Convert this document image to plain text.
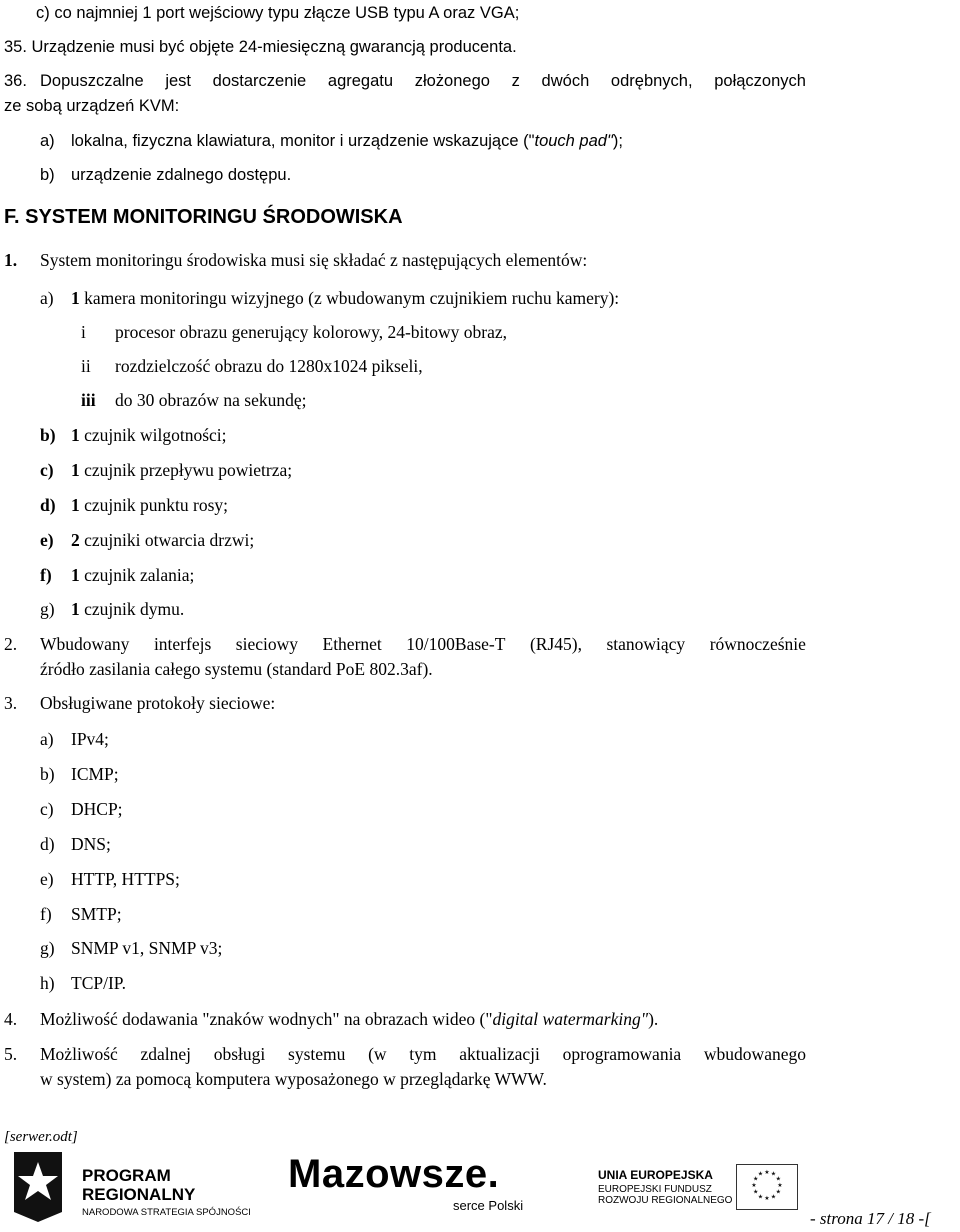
c) co najmniej 1 port wejściowy typu złącze USB typu A oraz VGA;
35. Urządzenie musi być objęte 24-miesięczną gwarancją producenta.
36. Dopuszczalne jest dostarczenie agregatu złożonego z dwóch odrębnych, połączonych
ze sobą urządzeń KVM:
a) lokalna, fizyczna klawiatura, monitor i urządzenie wskazujące ("touch pad");
b) urządzenie zdalnego dostępu.
F. SYSTEM MONITORINGU ŚRODOWISKA
1. System monitoringu środowiska musi się składać z następujących elementów:
a) 1 kamera monitoringu wizyjnego (z wbudowanym czujnikiem ruchu kamery):
i procesor obrazu generujący kolorowy, 24-bitowy obraz,
ii rozdzielczość obrazu do 1280x1024 pikseli,
iii do 30 obrazów na sekundę;
b) 1 czujnik wilgotności;
c) 1 czujnik przepływu powietrza;
d) 1 czujnik punktu rosy;
e) 2 czujniki otwarcia drzwi;
f) 1 czujnik zalania;
g) 1 czujnik dymu.
2. Wbudowany interfejs sieciowy Ethernet 10/100Base-T (RJ45), stanowiący równocześnie
źródło zasilania całego systemu (standard PoE 802.3af).
3. Obsługiwane protokoły sieciowe:
a) IPv4;
b) ICMP;
c) DHCP;
d) DNS;
e) HTTP, HTTPS;
f) SMTP;
g) SNMP v1, SNMP v3;
h) TCP/IP.
4. Możliwość dodawania "znaków wodnych" na obrazach wideo ("digital watermarking").
5. Możliwość zdalnej obsługi systemu (w tym aktualizacji oprogramowania wbudowanego
w system) za pomocą komputera wyposażonego w przeglądarkę WWW.
[serwer.odt]
PROGRAM
REGIONALNY
NARODOWA STRATEGIA SPÓJNOŚCI
Mazowsze.
serce Polski
UNIA EUROPEJSKA
EUROPEJSKI FUNDUSZ
ROZWOJU REGIONALNEGO
★ ★
★
★
★
★
★
★
★
★
★
★
- strona 17 / 18 -[
